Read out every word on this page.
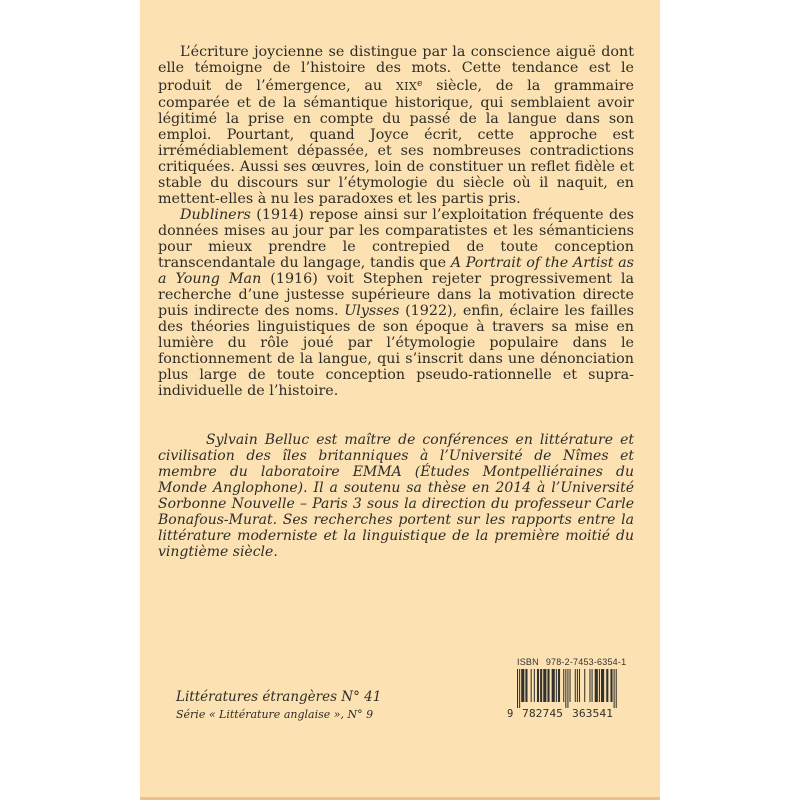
L’écriture joycienne se distingue par la conscience aiguë dont elle témoigne de l’histoire des mots. Cette tendance est le produit de l’émergence, au XIXe siècle, de la grammaire comparée et de la sémantique historique, qui semblaient avoir légitimé la prise en compte du passé de la langue dans son emploi. Pourtant, quand Joyce écrit, cette approche est irrémédiablement dépassée, et ses nombreuses contradictions critiquées. Aussi ses œuvres, loin de constituer un reflet fidèle et stable du discours sur l’étymologie du siècle où il naquit, en mettent-elles à nu les paradoxes et les partis pris.

Dubliners (1914) repose ainsi sur l’exploitation fréquente des données mises au jour par les comparatistes et les sémanticiens pour mieux prendre le contrepied de toute conception transcendantale du langage, tandis que A Portrait of the Artist as a Young Man (1916) voit Stephen rejeter progressivement la recherche d’une justesse supérieure dans la motivation directe puis indirecte des noms. Ulysses (1922), enfin, éclaire les failles des théories linguistiques de son époque à travers sa mise en lumière du rôle joué par l’étymologie populaire dans le fonctionnement de la langue, qui s’inscrit dans une dénonciation plus large de toute conception pseudo-rationnelle et supra-individuelle de l’histoire.

Sylvain Belluc est maître de conférences en littérature et civilisation des îles britanniques à l’Université de Nîmes et membre du laboratoire EMMA (Études Montpelliéraines du Monde Anglophone). Il a soutenu sa thèse en 2014 à l’Université Sorbonne Nouvelle – Paris 3 sous la direction du professeur Carle Bonafous-Murat. Ses recherches portent sur les rapports entre la littérature moderniste et la linguistique de la première moitié du vingtième siècle.

Littératures étrangères N° 41
Série « Littérature anglaise », N° 9
ISBN 978-2-7453-6354-1
9 782745 363541
